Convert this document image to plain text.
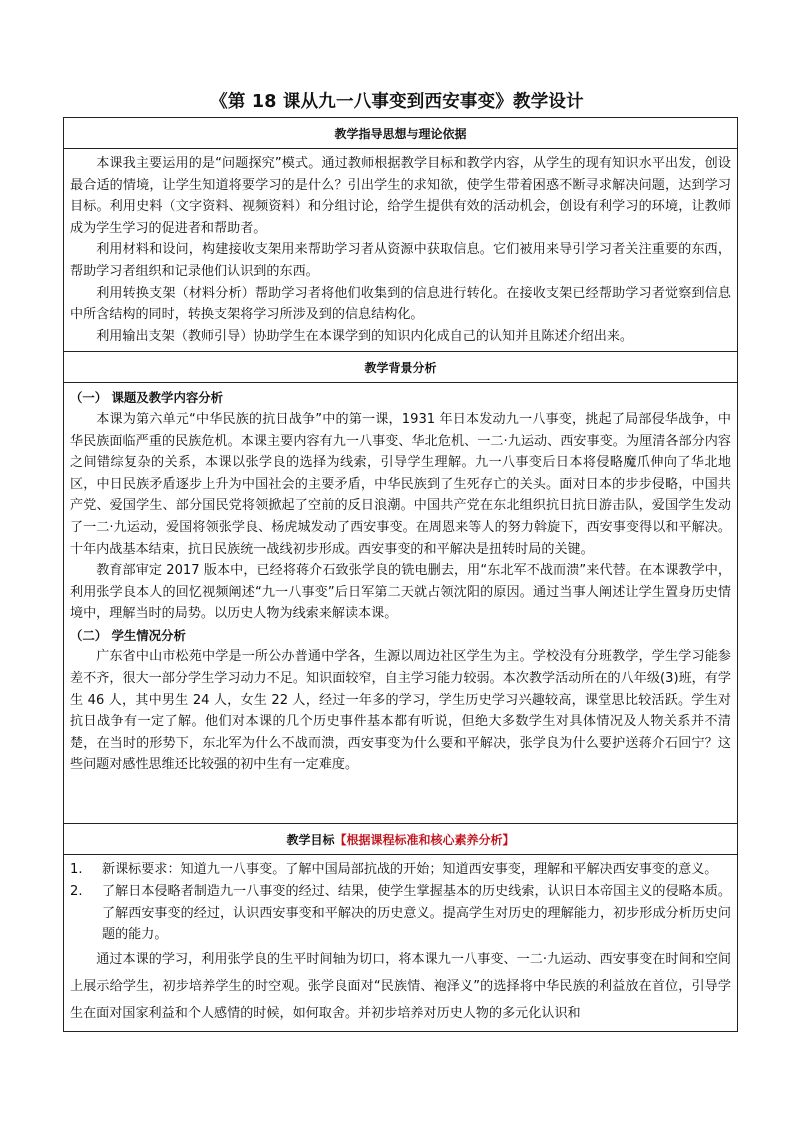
《第 18 课从九一八事变到西安事变》教学设计
教学指导思想与理论依据

本课我主要运用的是“问题探究”模式。通过教师根据教学目标和教学内容，从学生的现有知识水平出发，创设最合适的情境，让学生知道将要学习的是什么？引出学生的求知欲，使学生带着困惑不断寻求解决问题，达到学习目标。利用史料（文字资料、视频资料）和分组讨论，给学生提供有效的活动机会，创设有利学习的环境，让教师成为学生学习的促进者和帮助者。

利用材料和设问，构建接收支架用来帮助学习者从资源中获取信息。它们被用来导引学习者关注重要的东西，帮助学习者组织和记录他们认识到的东西。

利用转换支架（材料分析）帮助学习者将他们收集到的信息进行转化。在接收支架已经帮助学习者觉察到信息中所含结构的同时，转换支架将学习所涉及到的信息结构化。

利用输出支架（教师引导）协助学生在本课学到的知识内化成自己的认知并且陈述介绍出来。

教学背景分析

（一） 课题及教学内容分析

本课为第六单元“中华民族的抗日战争”中的第一课，1931 年日本发动九一八事变，挑起了局部侵华战争，中华民族面临严重的民族危机。本课主要内容有九一八事变、华北危机、一二·九运动、西安事变。为厘清各部分内容之间错综复杂的关系，本课以张学良的选择为线索，引导学生理解。九一八事变后日本将侵略魔爪伸向了华北地区，中日民族矛盾逐步上升为中国社会的主要矛盾，中华民族到了生死存亡的关头。面对日本的步步侵略，中国共产党、爱国学生、部分国民党将领掀起了空前的反日浪潮。中国共产党在东北组织抗日抗日游击队，爱国学生发动了一二·九运动，爱国将领张学良、杨虎城发动了西安事变。在周恩来等人的努力斡旋下，西安事变得以和平解决。十年内战基本结束，抗日民族统一战线初步形成。西安事变的和平解决是扭转时局的关键。

教育部审定 2017 版本中，已经将蒋介石致张学良的铣电删去，用“东北军不战而溃”来代替。在本课教学中，利用张学良本人的回忆视频阐述“九一八事变”后日军第二天就占领沈阳的原因。通过当事人阐述让学生置身历史情境中，理解当时的局势。以历史人物为线索来解读本课。

（二） 学生情况分析

广东省中山市松苑中学是一所公办普通中学各，生源以周边社区学生为主。学校没有分班教学，学生学习能参差不齐，很大一部分学生学习动力不足。知识面较窄，自主学习能力较弱。本次教学活动所在的八年级(3)班，有学生 46 人，其中男生 24 人，女生 22 人，经过一年多的学习，学生历史学习兴趣较高，课堂思比较活跃。学生对抗日战争有一定了解。他们对本课的几个历史事件基本都有听说，但绝大多数学生对具体情况及人物关系并不清楚，在当时的形势下，东北军为什么不战而溃，西安事变为什么要和平解决，张学良为什么要护送蒋介石回宁？这些问题对感性思维还比较强的初中生有一定难度。

教学目标【根据课程标准和核心素养分析】

1.	新课标要求：知道九一八事变。了解中国局部抗战的开始；知道西安事变，理解和平解决西安事变的意义。
2.	了解日本侵略者制造九一八事变的经过、结果，使学生掌握基本的历史线索，认识日本帝国主义的侵略本质。了解西安事变的经过，认识西安事变和平解决的历史意义。提高学生对历史的理解能力，初步形成分析历史问题的能力。

通过本课的学习，利用张学良的生平时间轴为切口，将本课九一八事变、一二·九运动、西安事变在时间和空间上展示给学生，初步培养学生的时空观。张学良面对“民族情、袍泽义”的选择将中华民族的利益放在首位，引导学生在面对国家利益和个人感情的时候，如何取舍。并初步培养对历史人物的多元化认识和
